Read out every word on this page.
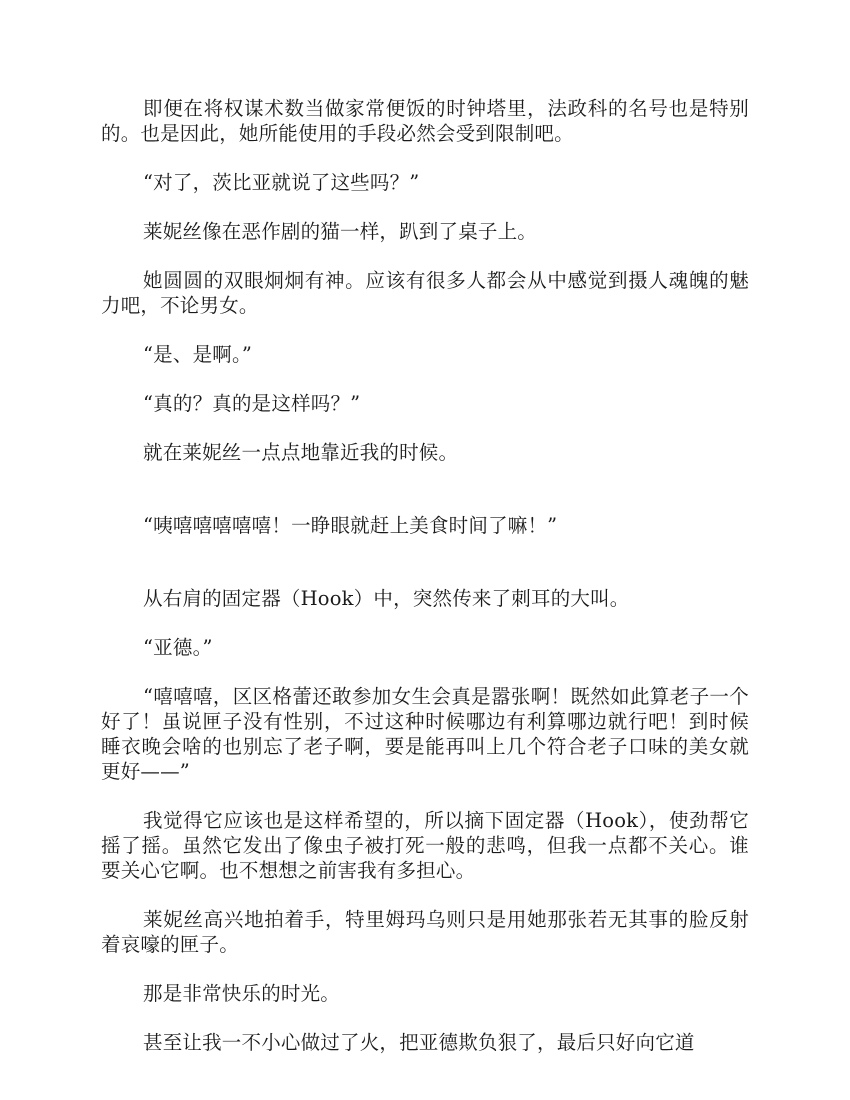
即便在将权谋术数当做家常便饭的时钟塔里，法政科的名号也是特别的。也是因此，她所能使用的手段必然会受到限制吧。

“对了，茨比亚就说了这些吗？”

莱妮丝像在恶作剧的猫一样，趴到了桌子上。

她圆圆的双眼炯炯有神。应该有很多人都会从中感觉到摄人魂魄的魅力吧，不论男女。

“是、是啊。”

“真的？真的是这样吗？”

就在莱妮丝一点点地靠近我的时候。

“咦嘻嘻嘻嘻嘻！一睁眼就赶上美食时间了嘛！”

从右肩的固定器（Hook）中，突然传来了刺耳的大叫。

“亚德。”

“嘻嘻嘻，区区格蕾还敢参加女生会真是嚣张啊！既然如此算老子一个好了！虽说匣子没有性别，不过这种时候哪边有利算哪边就行吧！到时候睡衣晚会啥的也别忘了老子啊，要是能再叫上几个符合老子口味的美女就更好——”

我觉得它应该也是这样希望的，所以摘下固定器（Hook），使劲帮它摇了摇。虽然它发出了像虫子被打死一般的悲鸣，但我一点都不关心。谁要关心它啊。也不想想之前害我有多担心。

莱妮丝高兴地拍着手，特里姆玛乌则只是用她那张若无其事的脸反射着哀嚎的匣子。

那是非常快乐的时光。

甚至让我一不小心做过了火，把亚德欺负狠了，最后只好向它道
